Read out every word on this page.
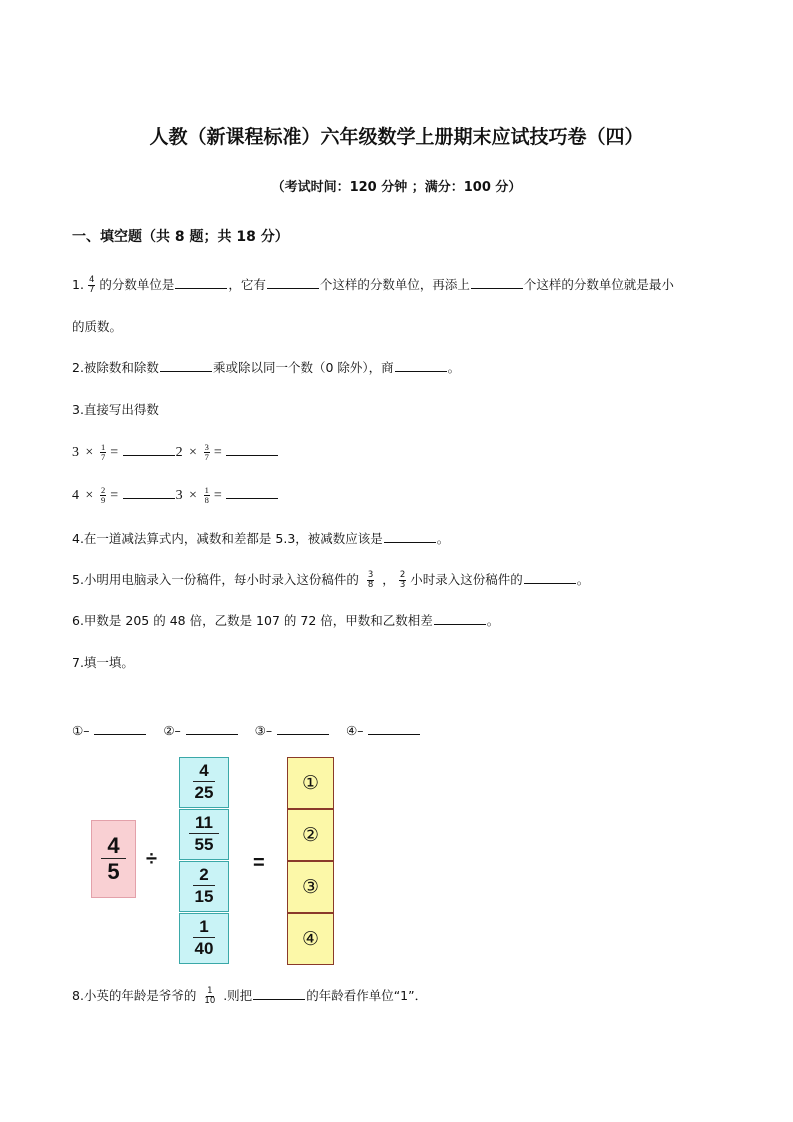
人教（新课程标准）六年级数学上册期末应试技巧卷（四）
（考试时间：120 分钟 ；满分：100 分）
一、填空题（共 8 题；共 18 分）
1. $\frac{4}{7}$ 的分数单位是	，它有	个这样的分数单位，再添上	个这样的分数单位就是最小
的质数。
2.被除数和除数	乘或除以同一个数（0 除外），商	。
3.直接写出得数
$3 \times \frac{1}{7}$ =	$2 \times \frac{3}{7}$ =
$4 \times \frac{2}{9}$ =	$3 \times \frac{1}{8}$ =
4.在一道减法算式内，减数和差都是 5.3，被减数应该是	。
5.小明用电脑录入一份稿件，每小时录入这份稿件的 $\frac{3}{8}$ ， $\frac{2}{3}$ 小时录入这份稿件的	。
6.甲数是 205 的 48 倍，乙数是 107 的 72 倍，甲数和乙数相差	。
7.填一填。
①–	②–	③–	④–
8.小英的年龄是爷爷的 $\frac{1}{10}$ .则把	的年龄看作单位“1”．
$\frac{4}{5}$ ÷	=
$\frac{4}{25}$
$\frac{11}{55}$
$\frac{2}{15}$
$\frac{1}{40}$
①
②
③
④
